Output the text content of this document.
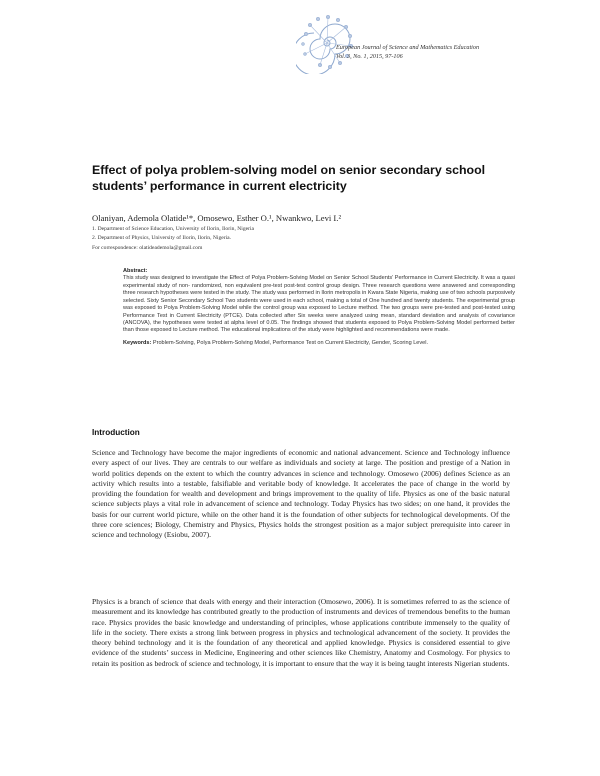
European Journal of Science and Mathematics Education
Vol. 3, No. 1, 2015, 97-106
Effect of polya problem-solving model on senior secondary school students’ performance in current electricity
Olaniyan, Ademola Olatide¹*, Omosewo, Esther O.¹, Nwankwo, Levi I.²
1. Department of Science Education, University of Ilorin, Ilorin, Nigeria
2. Department of Physics, University of Ilorin, Ilorin, Nigeria.
For correspondence: olatideademola@gmail.com
Abstract:
This study was designed to investigate the Effect of Polya Problem-Solving Model on Senior School Students’ Performance in Current Electricity. It was a quasi experimental study of non- randomized, non equivalent pre-test post-test control group design. Three research questions were answered and corresponding three research hypotheses were tested in the study. The study was performed in Ilorin metropolis in Kwara State Nigeria, making use of two schools purposively selected. Sixty Senior Secondary School Two students were used in each school, making a total of One hundred and twenty students. The experimental group was exposed to Polya Problem-Solving Model while the control group was exposed to Lecture method. The two groups were pre-tested and post-tested using Performance Test in Current Electricity (PTCE). Data collected after Six weeks were analyzed using mean, standard deviation and analysis of covariance (ANCOVA), the hypotheses were tested at alpha level of 0.05. The findings showed that students exposed to Polya Problem-Solving Model performed better than those exposed to Lecture method. The educational implications of the study were highlighted and recommendations were made.
Keywords: Problem-Solving, Polya Problem-Solving Model, Performance Test on Current Electricity, Gender, Scoring Level.
Introduction
Science and Technology have become the major ingredients of economic and national advancement. Science and Technology influence every aspect of our lives. They are centrals to our welfare as individuals and society at large. The position and prestige of a Nation in world politics depends on the extent to which the country advances in science and technology. Omosewo (2006) defines Science as an activity which results into a testable, falsifiable and veritable body of knowledge. It accelerates the pace of change in the world by providing the foundation for wealth and development and brings improvement to the quality of life. Physics as one of the basic natural science subjects plays a vital role in advancement of science and technology. Today Physics has two sides; on one hand, it provides the basis for our current world picture, while on the other hand it is the foundation of other subjects for technological developments. Of the three core sciences; Biology, Chemistry and Physics, Physics holds the strongest position as a major subject prerequisite into career in science and technology (Esiobu, 2007).
Physics is a branch of science that deals with energy and their interaction (Omosewo, 2006). It is sometimes referred to as the science of measurement and its knowledge has contributed greatly to the production of instruments and devices of tremendous benefits to the human race. Physics provides the basic knowledge and understanding of principles, whose applications contribute immensely to the quality of life in the society. There exists a strong link between progress in physics and technological advancement of the society. It provides the theory behind technology and it is the foundation of any theoretical and applied knowledge. Physics is considered essential to give evidence of the students’ success in Medicine, Engineering and other sciences like Chemistry, Anatomy and Cosmology. For physics to retain its position as bedrock of science and technology, it is important to ensure that the way it is being taught interests Nigerian students.
